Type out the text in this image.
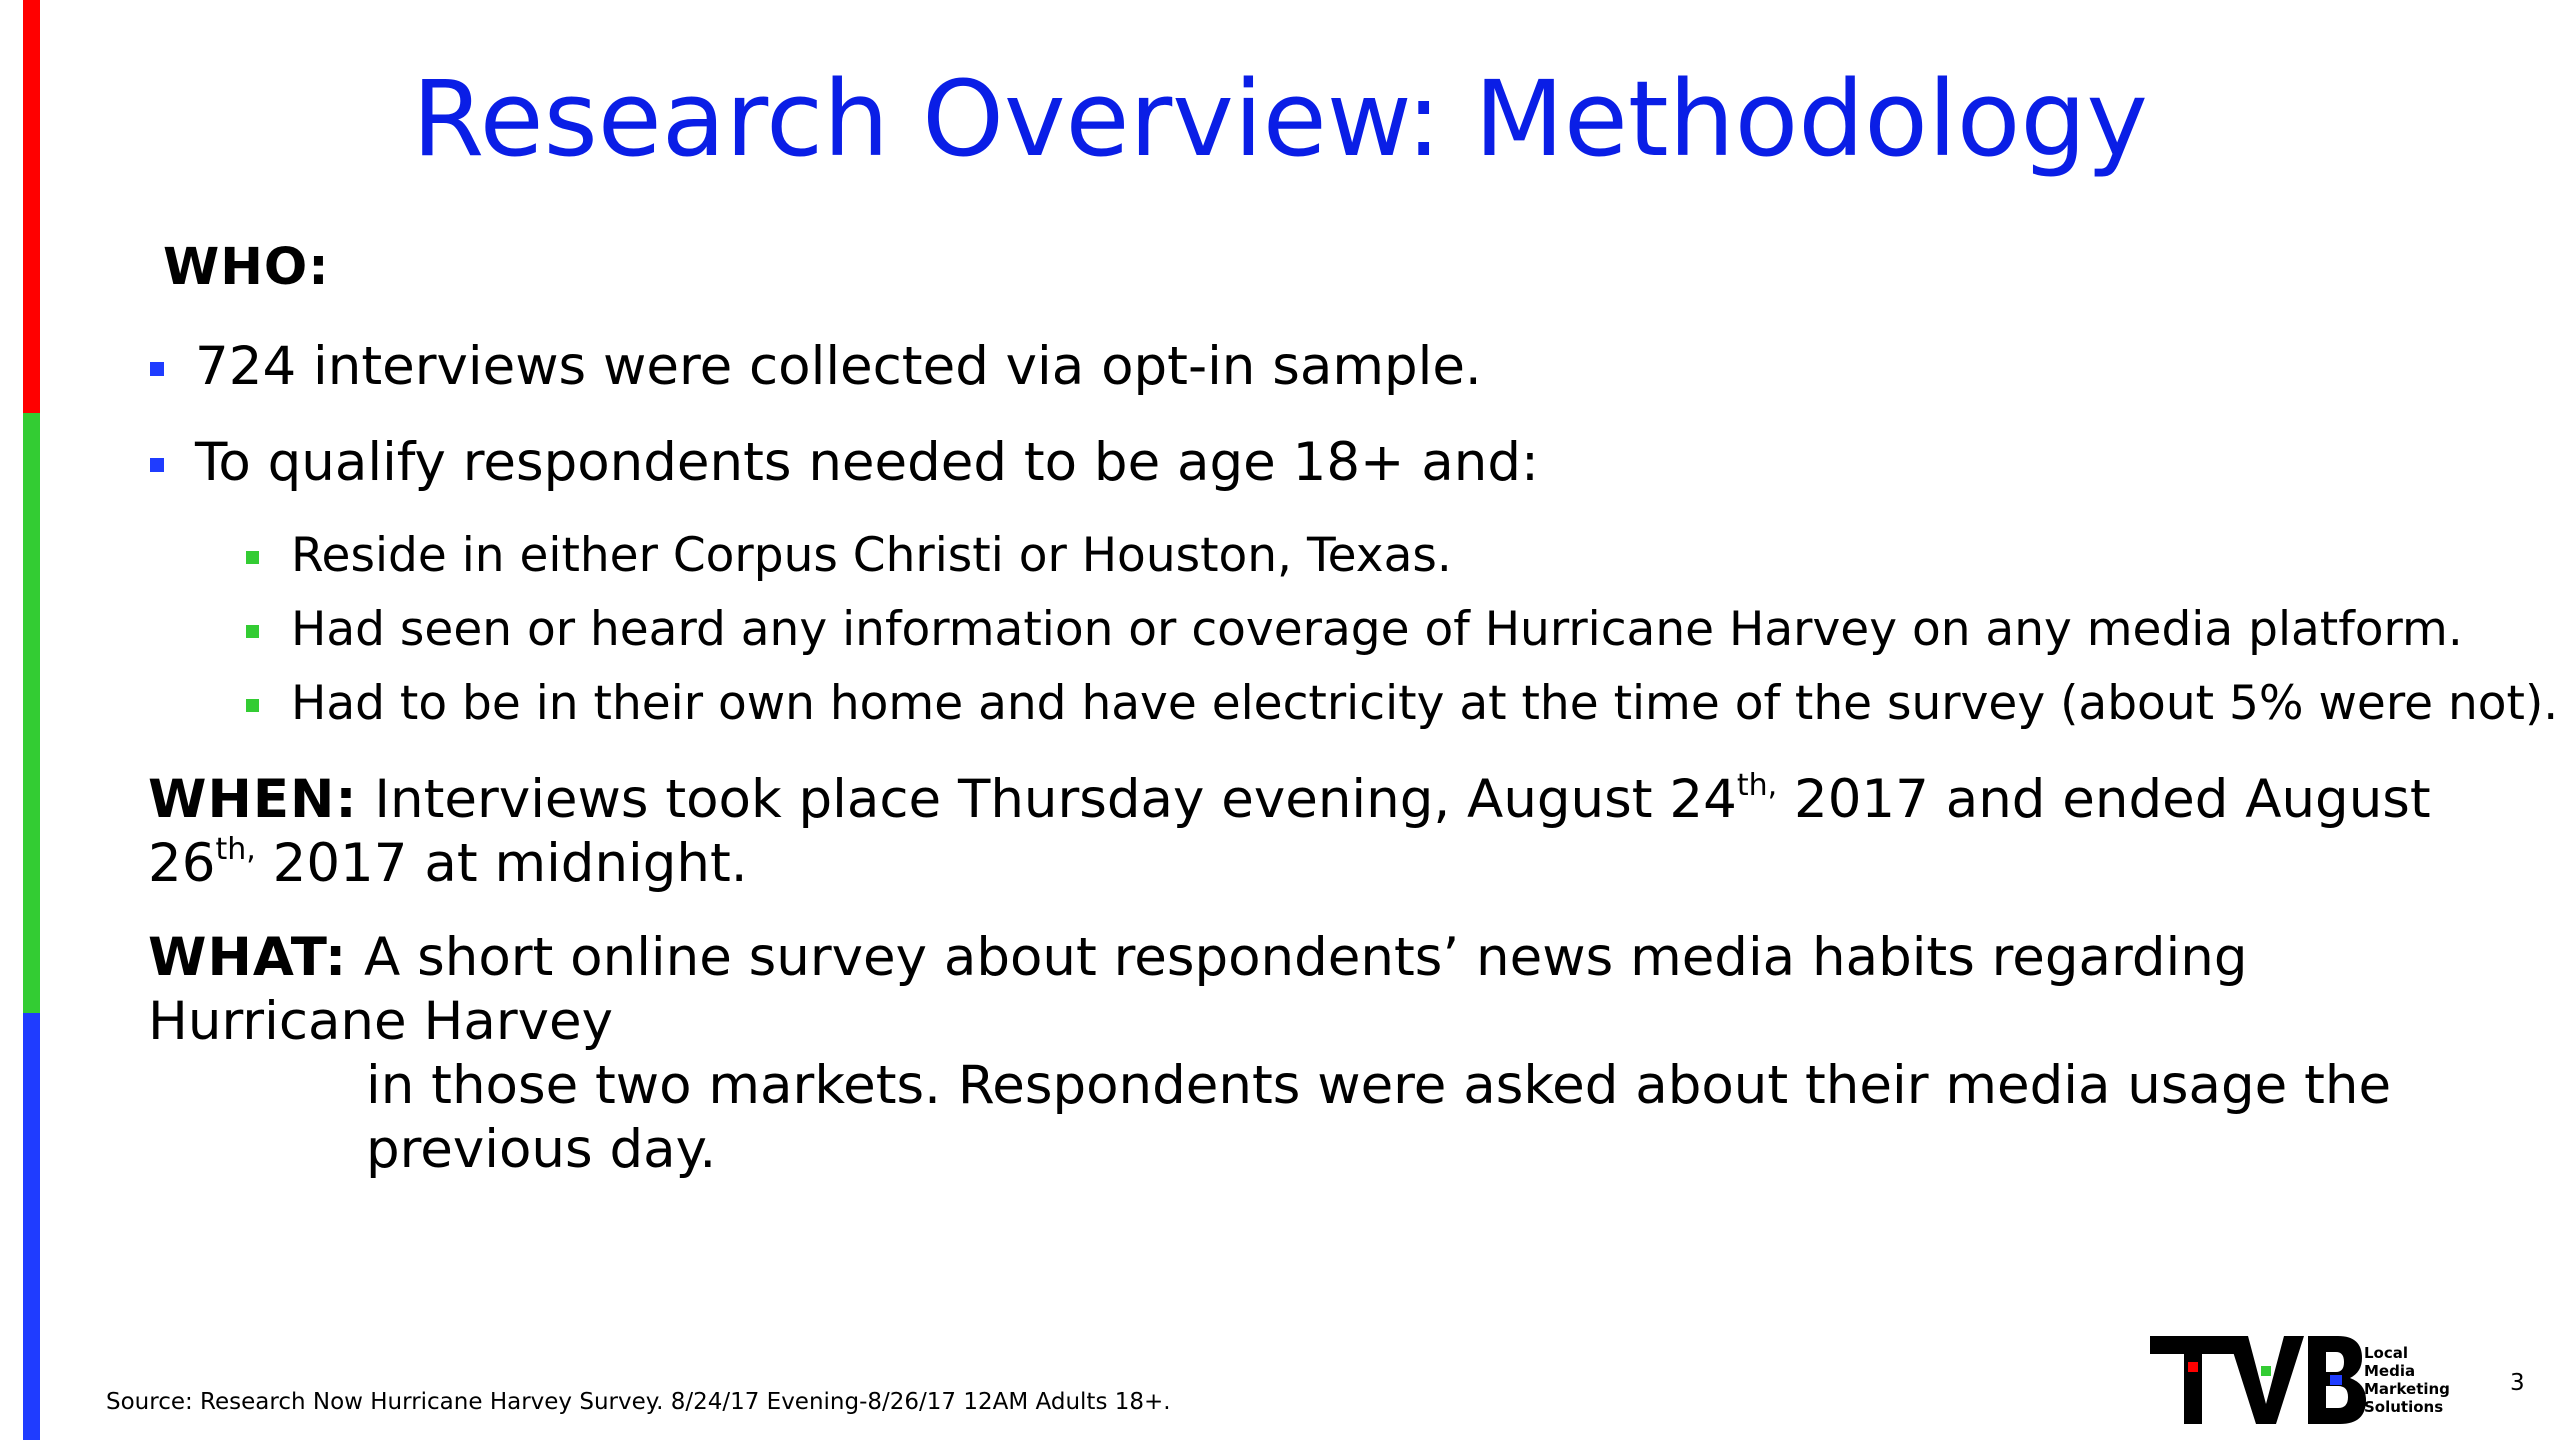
Research Overview: Methodology
WHO:
724 interviews were collected via opt-in sample.
To qualify respondents needed to be age 18+ and:
Reside in either Corpus Christi or Houston, Texas.
Had seen or heard any information or coverage of Hurricane Harvey on any media platform.
Had to be in their own home and have electricity at the time of the survey (about 5% were not).
WHEN: Interviews took place Thursday evening, August $24^{th,}$ 2017 and ended August $26^{th,}$ 2017 at midnight.
WHAT: A short online survey about respondents’ news media habits regarding Hurricane Harvey
in those two markets. Respondents were asked about their media usage the previous day.
Source: Research Now Hurricane Harvey Survey. 8/24/17 Evening-8/26/17 12AM Adults 18+.
Local
Media
Marketing
Solutions
3
